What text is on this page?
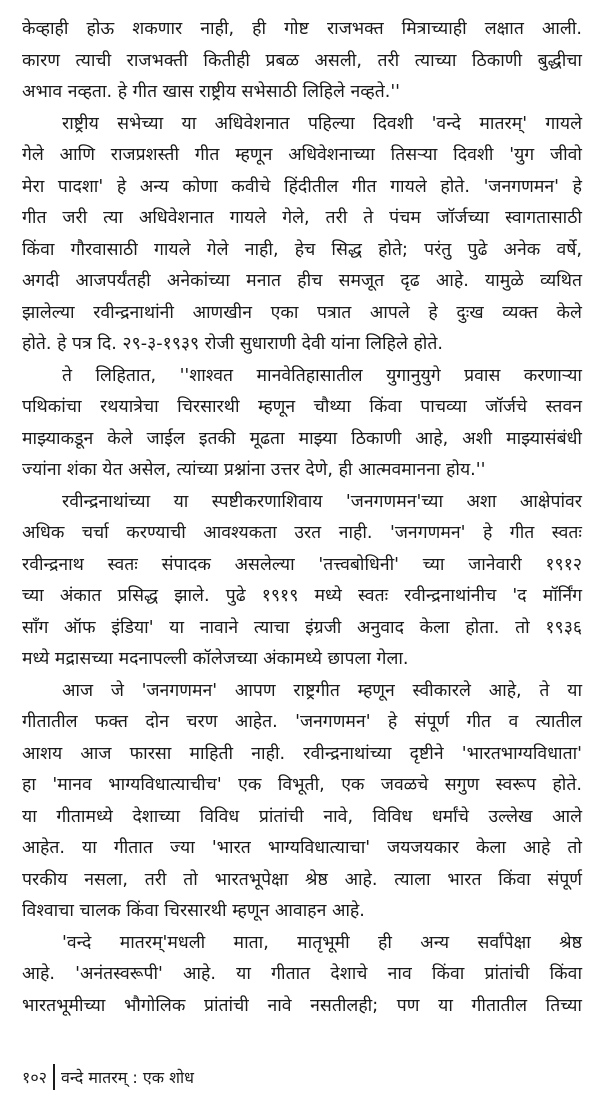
केव्हाही होऊ शकणार नाही, ही गोष्ट राजभक्त मित्राच्याही लक्षात आली.
कारण त्याची राजभक्ती कितीही प्रबळ असली, तरी त्याच्या ठिकाणी बुद्धीचा
अभाव नव्हता. हे गीत खास राष्ट्रीय सभेसाठी लिहिले नव्हते.''
राष्ट्रीय सभेच्या या अधिवेशनात पहिल्या दिवशी 'वन्दे मातरम्' गायले
गेले आणि राजप्रशस्ती गीत म्हणून अधिवेशनाच्या तिसऱ्या दिवशी 'युग जीवो
मेरा पादशा' हे अन्य कोणा कवीचे हिंदीतील गीत गायले होते. 'जनगणमन' हे
गीत जरी त्या अधिवेशनात गायले गेले, तरी ते पंचम जॉर्जच्या स्वागतासाठी
किंवा गौरवासाठी गायले गेले नाही, हेच सिद्ध होते; परंतु पुढे अनेक वर्षे,
अगदी आजपर्यंतही अनेकांच्या मनात हीच समजूत दृढ आहे. यामुळे व्यथित
झालेल्या रवीन्द्रनाथांनी आणखीन एका पत्रात आपले हे दुःख व्यक्त केले
होते. हे पत्र दि. २९-३-१९३९ रोजी सुधाराणी देवी यांना लिहिले होते.
ते लिहितात, ''शाश्वत मानवेतिहासातील युगानुयुगे प्रवास करणाऱ्या
पथिकांचा रथयात्रेचा चिरसारथी म्हणून चौथ्या किंवा पाचव्या जॉर्जचे स्तवन
माझ्याकडून केले जाईल इतकी मूढता माझ्या ठिकाणी आहे, अशी माझ्यासंबंधी
ज्यांना शंका येत असेल, त्यांच्या प्रश्नांना उत्तर देणे, ही आत्मवमानना होय.''
रवीन्द्रनाथांच्या या स्पष्टीकरणाशिवाय 'जनगणमन'च्या अशा आक्षेपांवर
अधिक चर्चा करण्याची आवश्यकता उरत नाही. 'जनगणमन' हे गीत स्वतः
रवीन्द्रनाथ स्वतः संपादक असलेल्या 'तत्त्वबोधिनी' च्या जानेवारी १९१२
च्या अंकात प्रसिद्ध झाले. पुढे १९१९ मध्ये स्वतः रवीन्द्रनाथांनीच 'द मॉर्निंग
सॉंग ऑफ इंडिया' या नावाने त्याचा इंग्रजी अनुवाद केला होता. तो १९३६
मध्ये मद्रासच्या मदनापल्ली कॉलेजच्या अंकामध्ये छापला गेला.
आज जे 'जनगणमन' आपण राष्ट्रगीत म्हणून स्वीकारले आहे, ते या
गीतातील फक्त दोन चरण आहेत. 'जनगणमन' हे संपूर्ण गीत व त्यातील
आशय आज फारसा माहिती नाही. रवीन्द्रनाथांच्या दृष्टीने 'भारतभाग्यविधाता'
हा 'मानव भाग्यविधात्याचीच' एक विभूती, एक जवळचे सगुण स्वरूप होते.
या गीतामध्ये देशाच्या विविध प्रांतांची नावे, विविध धर्मांचे उल्लेख आले
आहेत. या गीतात ज्या 'भारत भाग्यविधात्याचा' जयजयकार केला आहे तो
परकीय नसला, तरी तो भारतभूपेक्षा श्रेष्ठ आहे. त्याला भारत किंवा संपूर्ण
विश्वाचा चालक किंवा चिरसारथी म्हणून आवाहन आहे.
'वन्दे मातरम्'मधली माता, मातृभूमी ही अन्य सर्वांपेक्षा श्रेष्ठ
आहे. 'अनंतस्वरूपी' आहे. या गीतात देशाचे नाव किंवा प्रांतांची किंवा
भारतभूमीच्या भौगोलिक प्रांतांची नावे नसतीलही; पण या गीतातील तिच्या
१०२ वन्दे मातरम् : एक शोध
